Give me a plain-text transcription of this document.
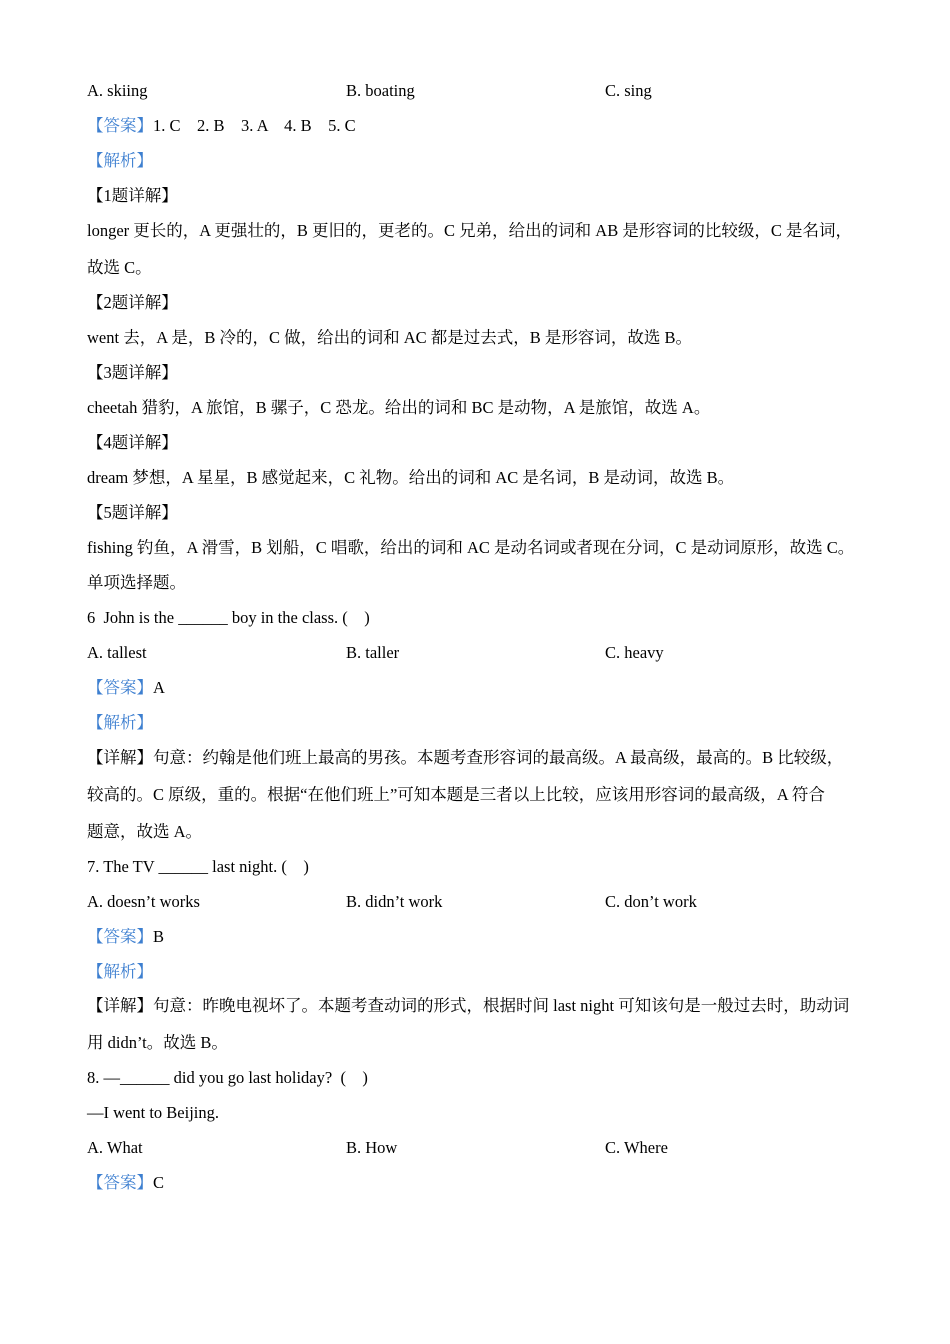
A. skiing	B. boating	C. sing
【答案】1. C    2. B    3. A    4. B    5. C
【解析】
【1题详解】
longer 更长的，A 更强壮的，B 更旧的，更老的。C 兄弟，给出的词和 AB 是形容词的比较级，C 是名词，
故选 C。
【2题详解】
went 去，A 是，B 冷的，C 做，给出的词和 AC 都是过去式，B 是形容词，故选 B。
【3题详解】
cheetah 猎豹，A 旅馆，B 骡子，C 恐龙。给出的词和 BC 是动物，A 是旅馆，故选 A。
【4题详解】
dream 梦想，A 星星，B 感觉起来，C 礼物。给出的词和 AC 是名词，B 是动词，故选 B。
【5题详解】
fishing 钓鱼，A 滑雪，B 划船，C 唱歌，给出的词和 AC 是动名词或者现在分词，C 是动词原形，故选 C。
单项选择题。
6  John is the ______ boy in the class. (    )
A. tallest	B. taller	C. heavy
【答案】A
【解析】
【详解】句意：约翰是他们班上最高的男孩。本题考查形容词的最高级。A 最高级，最高的。B 比较级，
较高的。C 原级，重的。根据“在他们班上”可知本题是三者以上比较，应该用形容词的最高级，A 符合
题意，故选 A。
7. The TV ______ last night. (    )
A. doesn’t works	B. didn’t work	C. don’t work
【答案】B
【解析】
【详解】句意：昨晚电视坏了。本题考查动词的形式，根据时间 last night 可知该句是一般过去时，助动词
用 didn’t。故选 B。
8. —______ did you go last holiday?  (    )
—I went to Beijing.
A. What	B. How	C. Where
【答案】C
